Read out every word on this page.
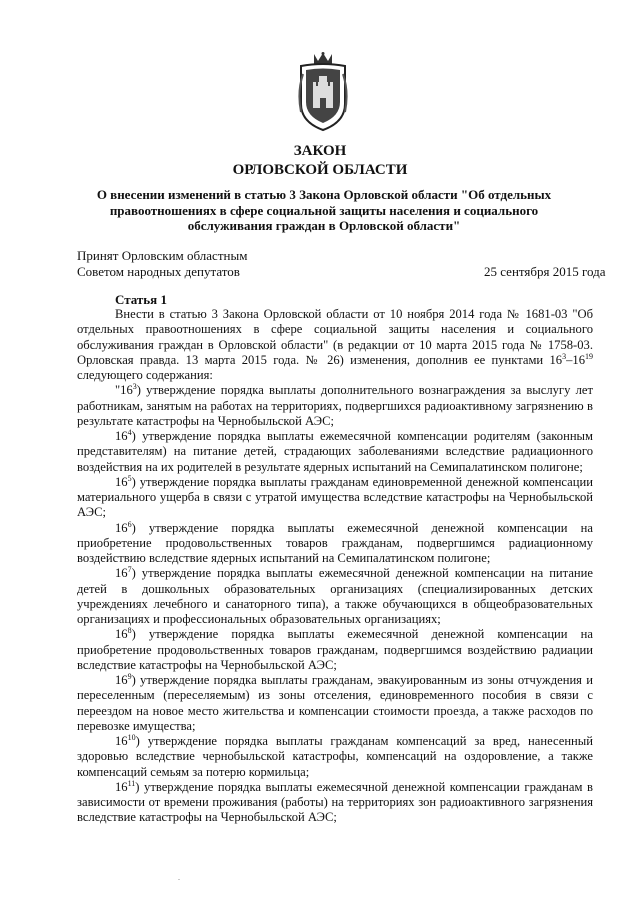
ЗАКОН
ОРЛОВСКОЙ ОБЛАСТИ
О внесении изменений в статью 3 Закона Орловской области "Об отдельных правоотношениях в сфере социальной защиты населения и социального обслуживания граждан в Орловской области"
Принят Орловским областным
Советом народных депутатов	25 сентября 2015 года
Статья 1

Внести в статью 3 Закона Орловской области от 10 ноября 2014 года № 1681-03 "Об отдельных правоотношениях в сфере социальной защиты населения и социального обслуживания граждан в Орловской области" (в редакции от 10 марта 2015 года № 1758-03. Орловская правда. 13 марта 2015 года. № 26) изменения, дополнив ее пунктами $16^3-16^{19}$ следующего содержания:

"$16^3$) утверждение порядка выплаты дополнительного вознаграждения за выслугу лет работникам, занятым на работах на территориях, подвергшихся радиоактивному загрязнению в результате катастрофы на Чернобыльской АЭС;

$16^4$) утверждение порядка выплаты ежемесячной компенсации родителям (законным представителям) на питание детей, страдающих заболеваниями вследствие радиационного воздействия на их родителей в результате ядерных испытаний на Семипалатинском полигоне;

$16^5$) утверждение порядка выплаты гражданам единовременной денежной компенсации материального ущерба в связи с утратой имущества вследствие катастрофы на Чернобыльской АЭС;

$16^6$) утверждение порядка выплаты ежемесячной денежной компенсации на приобретение продовольственных товаров гражданам, подвергшимся радиационному воздействию вследствие ядерных испытаний на Семипалатинском полигоне;

$16^7$) утверждение порядка выплаты ежемесячной денежной компенсации на питание детей в дошкольных образовательных организациях (специализированных детских учреждениях лечебного и санаторного типа), а также обучающихся в общеобразовательных организациях и профессиональных образовательных организациях;

$16^8$) утверждение порядка выплаты ежемесячной денежной компенсации на приобретение продовольственных товаров гражданам, подвергшимся воздействию радиации вследствие катастрофы на Чернобыльской АЭС;

$16^9$) утверждение порядка выплаты гражданам, эвакуированным из зоны отчуждения и переселенным (переселяемым) из зоны отселения, единовременного пособия в связи с переездом на новое место жительства и компенсации стоимости проезда, а также расходов по перевозке имущества;

$16^{10}$) утверждение порядка выплаты гражданам компенсаций за вред, нанесенный здоровью вследствие чернобыльской катастрофы, компенсаций на оздоровление, а также компенсаций семьям за потерю кормильца;

$16^{11}$) утверждение порядка выплаты ежемесячной денежной компенсации гражданам в зависимости от времени проживания (работы) на территориях зон радиоактивного загрязнения вследствие катастрофы на Чернобыльской АЭС;

.
